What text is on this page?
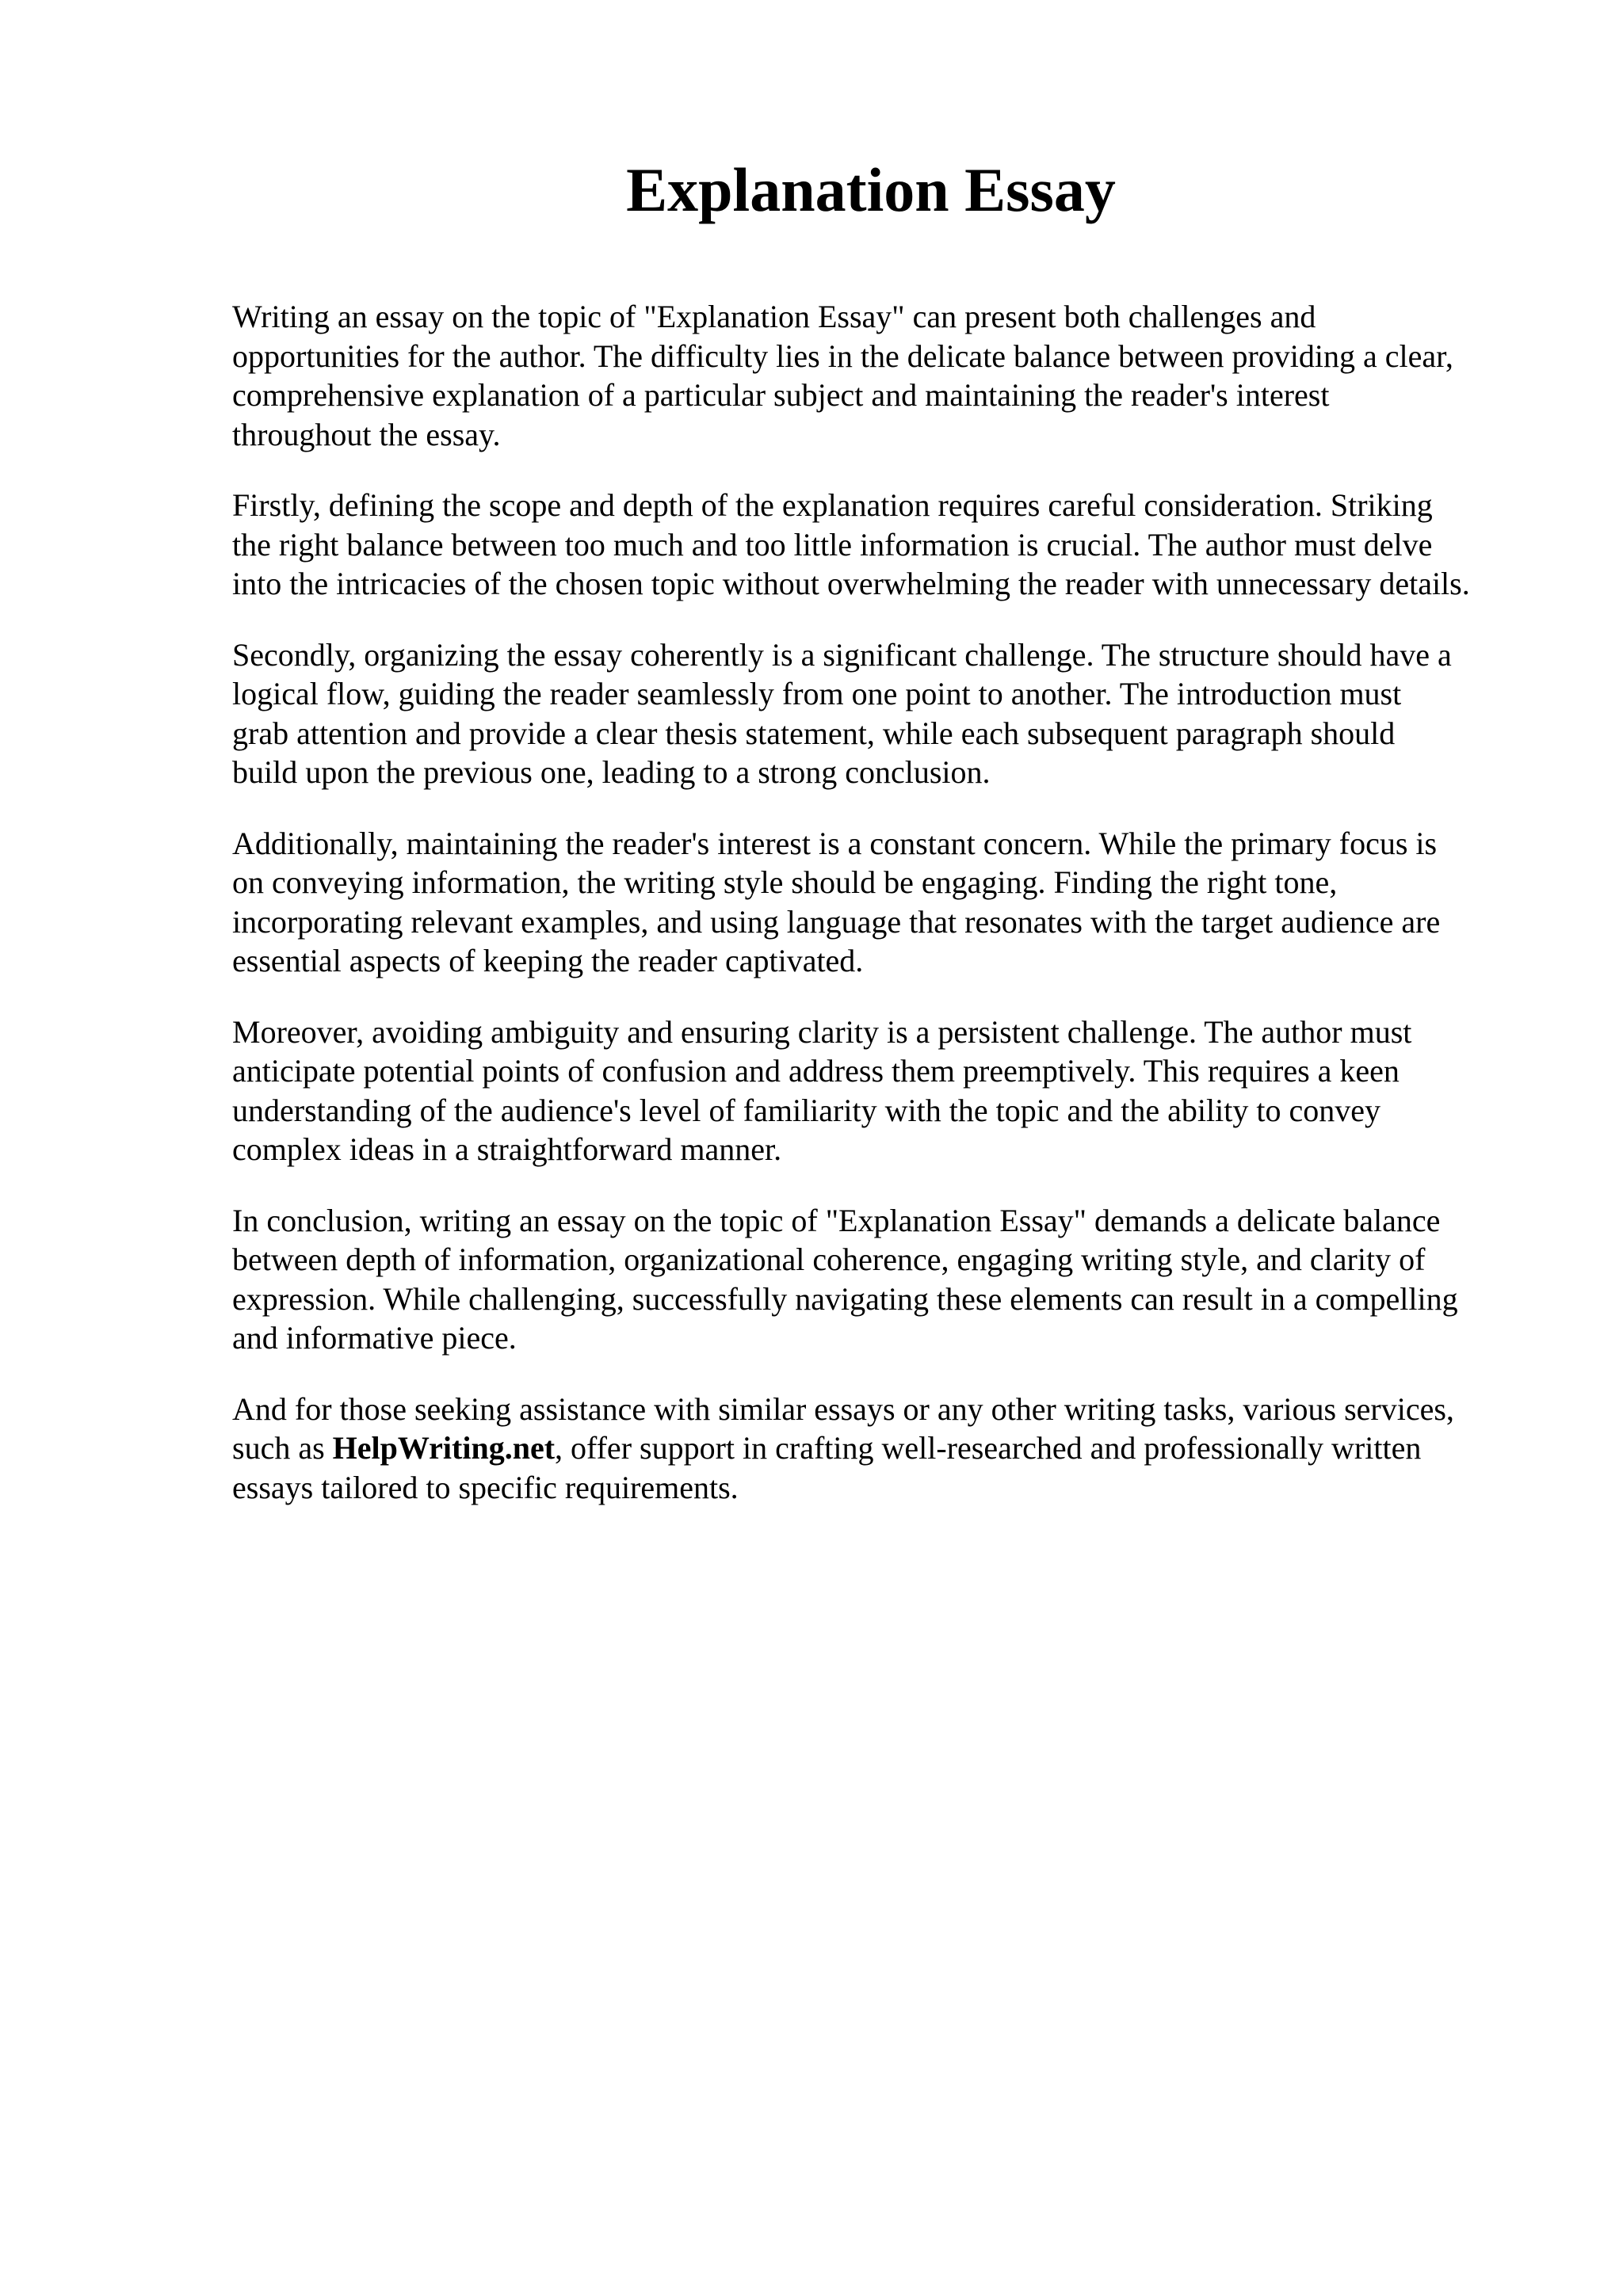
Explanation Essay

Writing an essay on the topic of "Explanation Essay" can present both challenges and
opportunities for the author. The difficulty lies in the delicate balance between providing a clear,
comprehensive explanation of a particular subject and maintaining the reader's interest
throughout the essay.

Firstly, defining the scope and depth of the explanation requires careful consideration. Striking
the right balance between too much and too little information is crucial. The author must delve
into the intricacies of the chosen topic without overwhelming the reader with unnecessary details.

Secondly, organizing the essay coherently is a significant challenge. The structure should have a
logical flow, guiding the reader seamlessly from one point to another. The introduction must
grab attention and provide a clear thesis statement, while each subsequent paragraph should
build upon the previous one, leading to a strong conclusion.

Additionally, maintaining the reader's interest is a constant concern. While the primary focus is
on conveying information, the writing style should be engaging. Finding the right tone,
incorporating relevant examples, and using language that resonates with the target audience are
essential aspects of keeping the reader captivated.

Moreover, avoiding ambiguity and ensuring clarity is a persistent challenge. The author must
anticipate potential points of confusion and address them preemptively. This requires a keen
understanding of the audience's level of familiarity with the topic and the ability to convey
complex ideas in a straightforward manner.

In conclusion, writing an essay on the topic of "Explanation Essay" demands a delicate balance
between depth of information, organizational coherence, engaging writing style, and clarity of
expression. While challenging, successfully navigating these elements can result in a compelling
and informative piece.

And for those seeking assistance with similar essays or any other writing tasks, various services,
such as HelpWriting.net, offer support in crafting well-researched and professionally written
essays tailored to specific requirements.
